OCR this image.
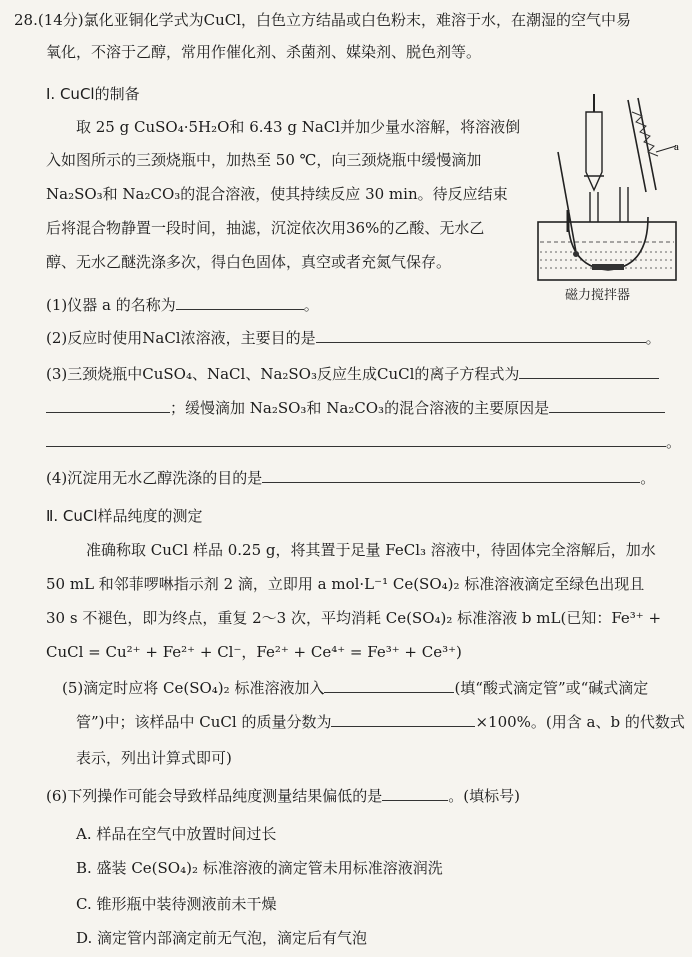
28.(14分)氯化亚铜化学式为CuCl，白色立方结晶或白色粉末，难溶于水，在潮湿的空气中易
氧化，不溶于乙醇，常用作催化剂、杀菌剂、媒染剂、脱色剂等。
Ⅰ. CuCl的制备
取 25 g CuSO₄·5H₂O和 6.43 g NaCl并加少量水溶解，将溶液倒
入如图所示的三颈烧瓶中，加热至 50 ℃，向三颈烧瓶中缓慢滴加
Na₂SO₃和 Na₂CO₃的混合溶液，使其持续反应 30 min。待反应结束
后将混合物静置一段时间，抽滤，沉淀依次用36%的乙酸、无水乙
醇、无水乙醚洗涤多次，得白色固体，真空或者充氮气保存。
a
磁力搅拌器
(1)仪器 a 的名称为	。
(2)反应时使用NaCl浓溶液，主要目的是	。
(3)三颈烧瓶中CuSO₄、NaCl、Na₂SO₃反应生成CuCl的离子方程式为
；缓慢滴加 Na₂SO₃和 Na₂CO₃的混合溶液的主要原因是
。
(4)沉淀用无水乙醇洗涤的目的是	。
Ⅱ. CuCl样品纯度的测定
准确称取 CuCl 样品 0.25 g，将其置于足量 FeCl₃ 溶液中，待固体完全溶解后，加水
50 mL 和邻菲啰啉指示剂 2 滴，立即用 a mol·L⁻¹ Ce(SO₄)₂ 标准溶液滴定至绿色出现且
30 s 不褪色，即为终点，重复 2～3 次，平均消耗 Ce(SO₄)₂ 标准溶液 b mL(已知：Fe³⁺ +
CuCl = Cu²⁺ + Fe²⁺ + Cl⁻，Fe²⁺ + Ce⁴⁺ = Fe³⁺ + Ce³⁺)
(5)滴定时应将 Ce(SO₄)₂ 标准溶液加入	(填“酸式滴定管”或“碱式滴定
管”)中；该样品中 CuCl 的质量分数为	×100%。(用含 a、b 的代数式
表示，列出计算式即可)
(6)下列操作可能会导致样品纯度测量结果偏低的是	。(填标号)
A. 样品在空气中放置时间过长
B. 盛装 Ce(SO₄)₂ 标准溶液的滴定管未用标准溶液润洗
C. 锥形瓶中装待测液前未干燥
D. 滴定管内部滴定前无气泡，滴定后有气泡
